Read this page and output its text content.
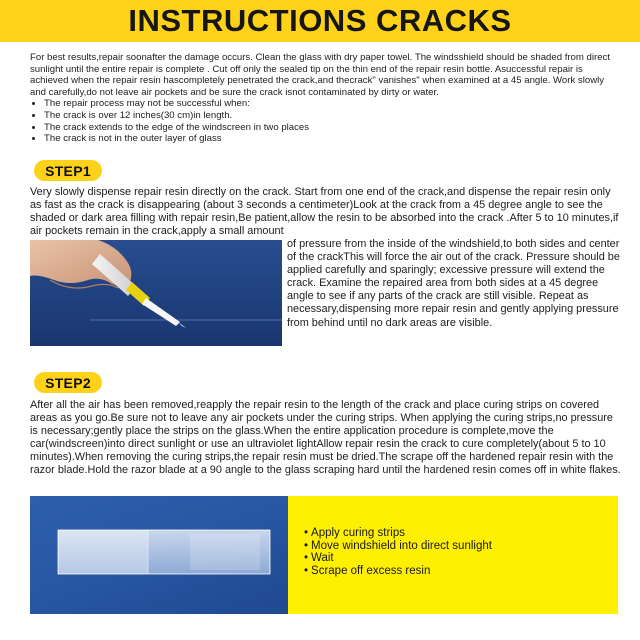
INSTRUCTIONS CRACKS

For best results,repair soonafter the damage occurs. Clean the glass with dry paper towel. The windsshield should be shaded from direct sunlight until the entire repair is complete . Cut off only the sealed tip on the thin end of the repair resin bottle. Asuccessful repair is achieved when the repair resin hascompletely penetrated the crack,and thecrack" vanishes" when examined at a 45 angle. Work slowly and carefully,do not leave air pockets and be sure the crack isnot contaminated by dirty or water.

• The repair process may not be successful when:
• The crack is over 12 inches(30 cm)in length.
• The crack extends to the edge of the windscreen in two places
• The crack is not in the outer layer of glass
STEP1

Very slowly dispense repair resin directly on the crack. Start from one end of the crack,and dispense the repair resin only as fast as the crack is disappearing (about 3 seconds a centimeter)Look at the crack from a 45 degree angle to see the shaded or dark area filling with repair resin,Be patient,allow the resin to be absorbed into the crack .After 5 to 10 minutes,if air pockets remain in the crack,apply a small amount

of pressure from the inside of the windshield,to both sides and center of the crackThis will force the air out of the crack. Pressure should be applied carefully and sparingly; excessive pressure will extend the crack. Examine the repaired area from both sides at a 45 degree angle to see if any parts of the crack are still visible. Repeat as necessary,dispensing more repair resin and gently applying pressure from behind until no dark areas are visible.

STEP2

After all the air has been removed,reapply the repair resin to the length of the crack and place curing strips on covered areas as you go.Be sure not to leave any air pockets under the curing strips. When applying the curing strips,no pressure is necessary;gently place the strips on the glass.When the entire application procedure is complete,move the car(windscreen)into direct sunlight or use an ultraviolet lightAllow repair resin the crack to cure completely(about 5 to 10 minutes).When removing the curing strips,the repair resin must be dried.The scrape off the hardened repair resin with the razor blade.Hold the razor blade at a 90 angle to the glass scraping hard until the hardened resin comes off in white flakes.

• Apply curing strips
• Move windshield into direct sunlight
• Wait
• Scrape off excess resin
